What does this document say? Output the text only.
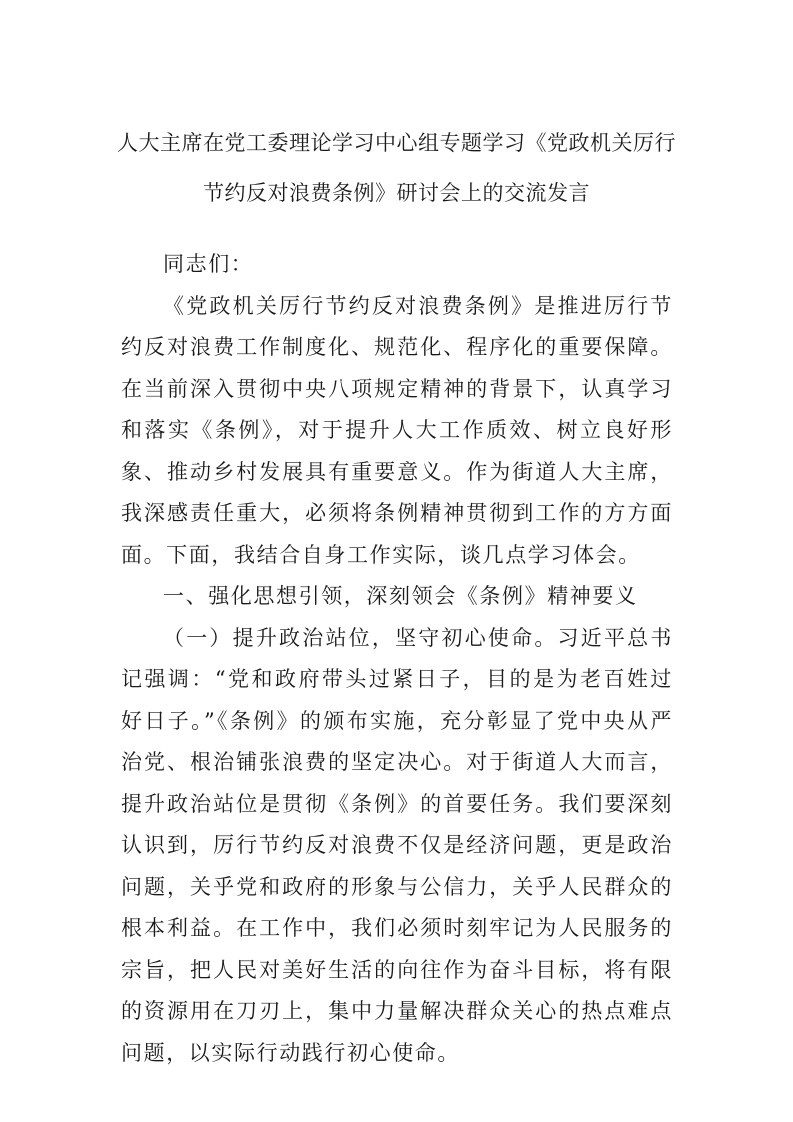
人大主席在党工委理论学习中心组专题学习《党政机关厉行
节约反对浪费条例》研讨会上的交流发言

同志们：

《党政机关厉行节约反对浪费条例》是推进厉行节约反对浪费工作制度化、规范化、程序化的重要保障。在当前深入贯彻中央八项规定精神的背景下，认真学习和落实《条例》，对于提升人大工作质效、树立良好形象、推动乡村发展具有重要意义。作为街道人大主席，我深感责任重大，必须将条例精神贯彻到工作的方方面面。下面，我结合自身工作实际，谈几点学习体会。

一、强化思想引领，深刻领会《条例》精神要义

（一）提升政治站位，坚守初心使命。习近平总书记强调：“党和政府带头过紧日子，目的是为老百姓过好日子。”《条例》的颁布实施，充分彰显了党中央从严治党、根治铺张浪费的坚定决心。对于街道人大而言，提升政治站位是贯彻《条例》的首要任务。我们要深刻认识到，厉行节约反对浪费不仅是经济问题，更是政治问题，关乎党和政府的形象与公信力，关乎人民群众的根本利益。在工作中，我们必须时刻牢记为人民服务的宗旨，把人民对美好生活的向往作为奋斗目标，将有限的资源用在刀刃上，集中力量解决群众关心的热点难点问题，以实际行动践行初心使命。
